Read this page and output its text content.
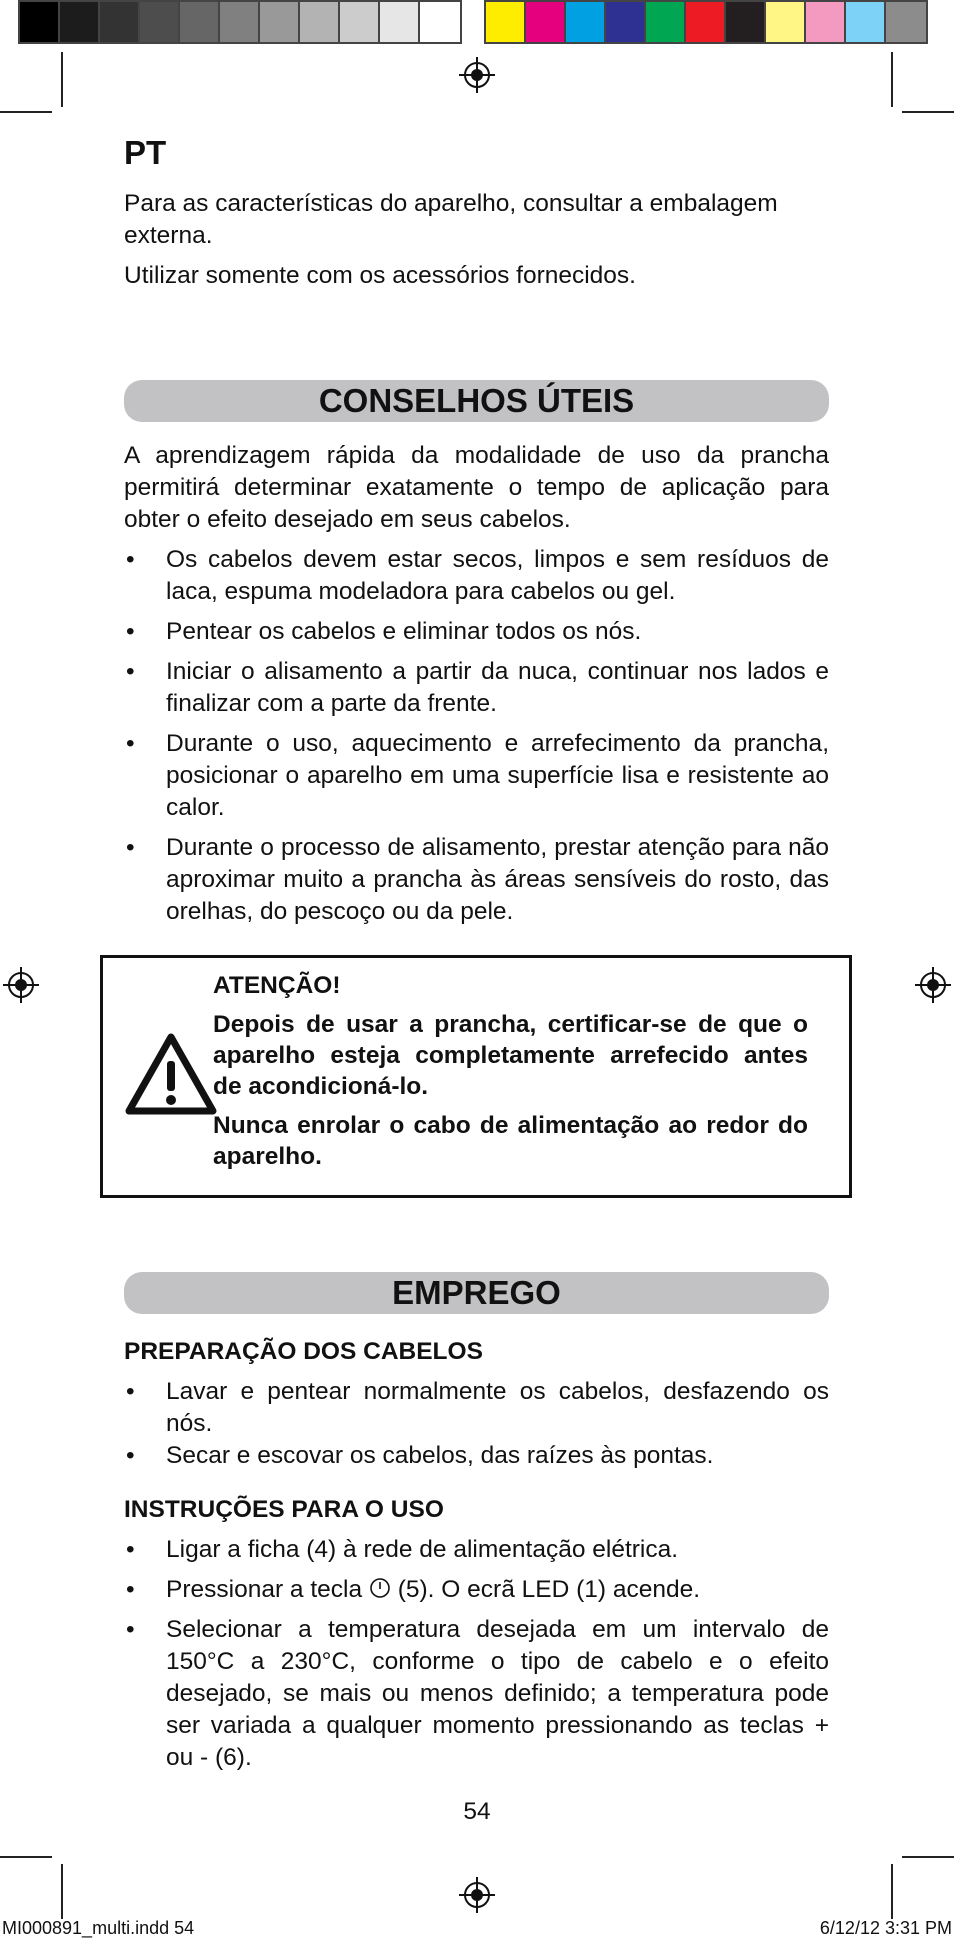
PT

Para as características do aparelho, consultar a embalagem externa.

Utilizar somente com os acessórios fornecidos.

CONSELHOS ÚTEIS

A aprendizagem rápida da modalidade de uso da prancha permitirá determinar exatamente o tempo de aplicação para obter o efeito desejado em seus cabelos.

• Os cabelos devem estar secos, limpos e sem resíduos de laca, espuma modeladora para cabelos ou gel.
• Pentear os cabelos e eliminar todos os nós.
• Iniciar o alisamento a partir da nuca, continuar nos lados e finalizar com a parte da frente.
• Durante o uso, aquecimento e arrefecimento da prancha, posicionar o aparelho em uma superfície lisa e resistente ao calor.
• Durante o processo de alisamento, prestar atenção para não aproximar muito a prancha às áreas sensíveis do rosto, das orelhas, do pescoço ou da pele.

ATENÇÃO!

Depois de usar a prancha, certificar-se de que o aparelho esteja completamente arrefecido antes de acondicioná-lo.

Nunca enrolar o cabo de alimentação ao redor do aparelho.

EMPREGO
PREPARAÇÃO DOS CABELOS
• Lavar e pentear normalmente os cabelos, desfazendo os nós.
• Secar e escovar os cabelos, das raízes às pontas.
INSTRUÇÕES PARA O USO
• Ligar a ficha (4) à rede de alimentação elétrica.
• Pressionar a tecla (5). O ecrã LED (1) acende.
• Selecionar a temperatura desejada em um intervalo de 150°C a 230°C, conforme o tipo de cabelo e o efeito desejado, se mais ou menos definido; a temperatura pode ser variada a qualquer momento pressionando as teclas + ou - (6).
54
MI000891_multi.indd 54	6/12/12 3:31 PM
